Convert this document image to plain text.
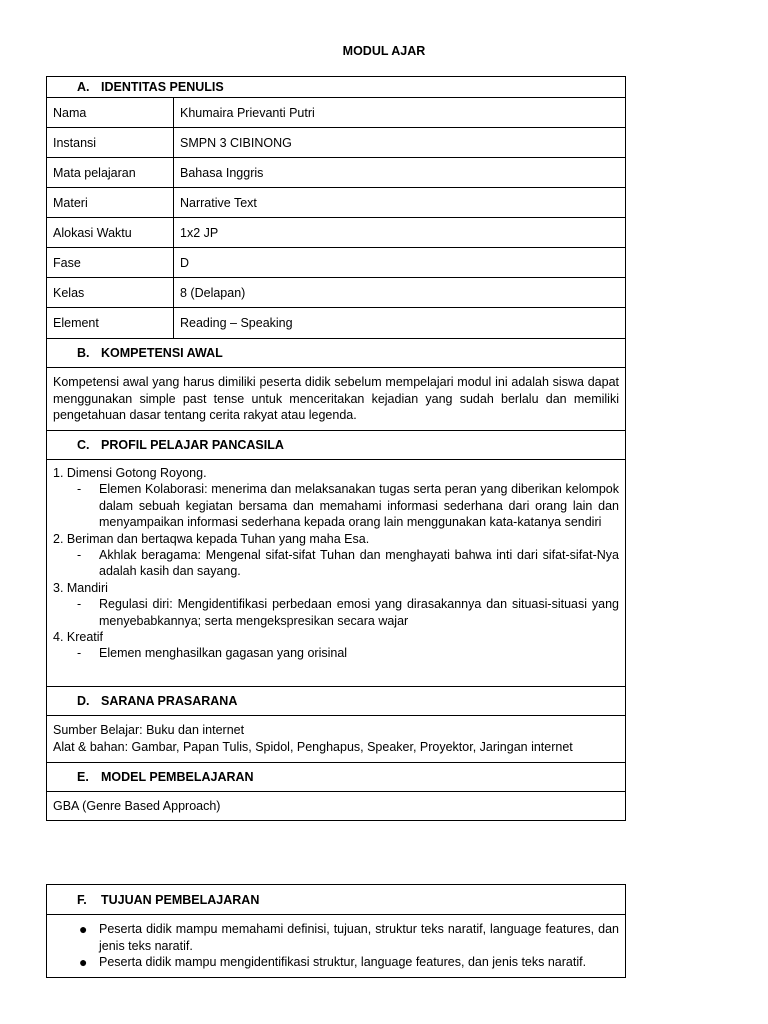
MODUL AJAR
A. IDENTITAS PENULIS
Nama	Khumaira Prievanti Putri
Instansi	SMPN 3 CIBINONG
Mata pelajaran	Bahasa Inggris
Materi	Narrative Text
Alokasi Waktu	1x2 JP
Fase	D
Kelas	8 (Delapan)
Element	Reading – Speaking
B. KOMPETENSI AWAL
Kompetensi awal yang harus dimiliki peserta didik sebelum mempelajari modul ini adalah siswa dapat menggunakan simple past tense untuk menceritakan kejadian yang sudah berlalu dan memiliki pengetahuan dasar tentang cerita rakyat atau legenda.
C. PROFIL PELAJAR PANCASILA
1. Dimensi Gotong Royong.
-	Elemen Kolaborasi: menerima dan melaksanakan tugas serta peran yang diberikan kelompok dalam sebuah kegiatan bersama dan memahami informasi sederhana dari orang lain dan menyampaikan informasi sederhana kepada orang lain menggunakan kata-katanya sendiri
2. Beriman dan bertaqwa kepada Tuhan yang maha Esa.
-	Akhlak beragama: Mengenal sifat-sifat Tuhan dan menghayati bahwa inti dari sifat-sifat-Nya adalah kasih dan sayang.
3. Mandiri
-	Regulasi diri: Mengidentifikasi perbedaan emosi yang dirasakannya dan situasi-situasi yang menyebabkannya; serta mengekspresikan secara wajar
4. Kreatif
-	Elemen menghasilkan gagasan yang orisinal
D. SARANA PRASARANA
Sumber Belajar: Buku dan internet
Alat & bahan: Gambar, Papan Tulis, Spidol, Penghapus, Speaker, Proyektor, Jaringan internet
E. MODEL PEMBELAJARAN
GBA (Genre Based Approach)
F.	TUJUAN PEMBELAJARAN
● Peserta didik mampu memahami definisi, tujuan, struktur teks naratif, language features, dan jenis teks naratif.
● Peserta didik mampu mengidentifikasi struktur, language features, dan jenis teks naratif.
